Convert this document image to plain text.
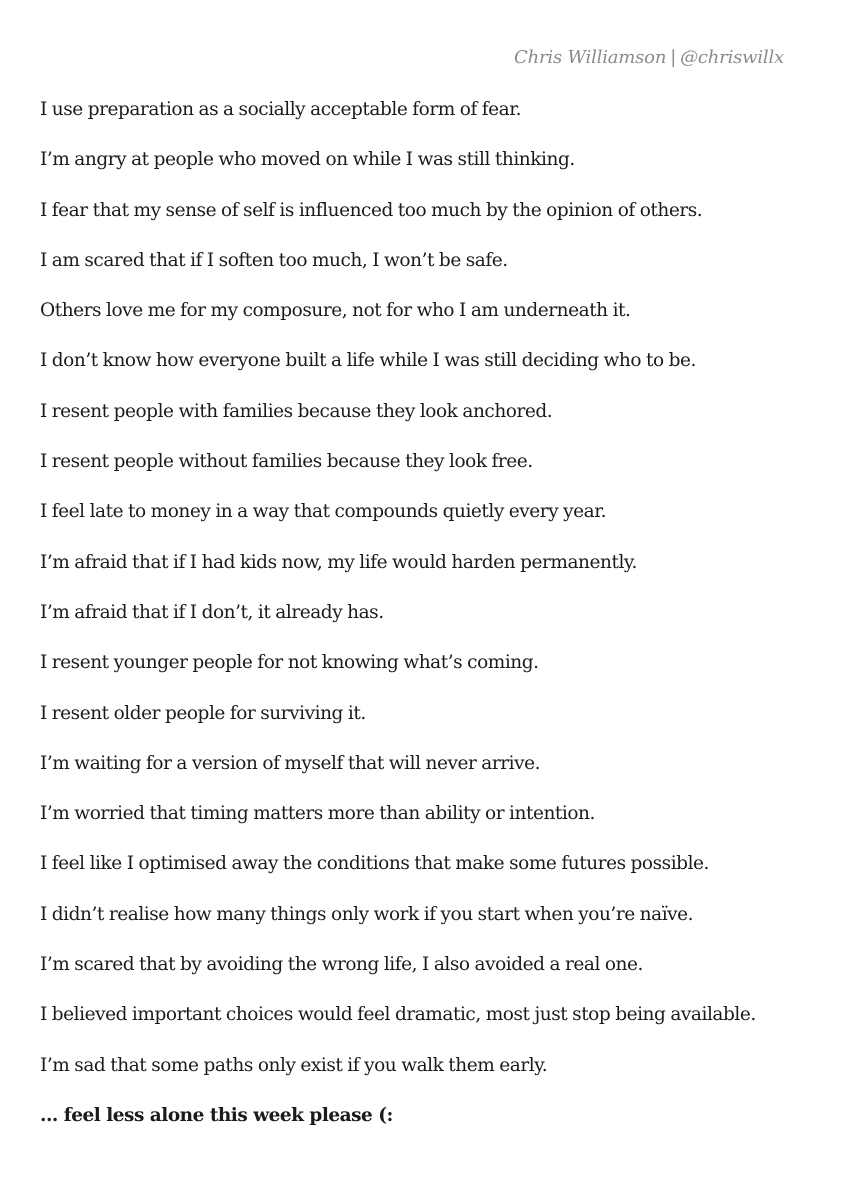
Chris Williamson | @chriswillx
I use preparation as a socially acceptable form of fear.
I’m angry at people who moved on while I was still thinking.
I fear that my sense of self is influenced too much by the opinion of others.
I am scared that if I soften too much, I won’t be safe.
Others love me for my composure, not for who I am underneath it.
I don’t know how everyone built a life while I was still deciding who to be.
I resent people with families because they look anchored.
I resent people without families because they look free.
I feel late to money in a way that compounds quietly every year.
I’m afraid that if I had kids now, my life would harden permanently.
I’m afraid that if I don’t, it already has.
I resent younger people for not knowing what’s coming.
I resent older people for surviving it.
I’m waiting for a version of myself that will never arrive.
I’m worried that timing matters more than ability or intention.
I feel like I optimised away the conditions that make some futures possible.
I didn’t realise how many things only work if you start when you’re naïve.
I’m scared that by avoiding the wrong life, I also avoided a real one.
I believed important choices would feel dramatic, most just stop being available.
I’m sad that some paths only exist if you walk them early.
... feel less alone this week please (:
